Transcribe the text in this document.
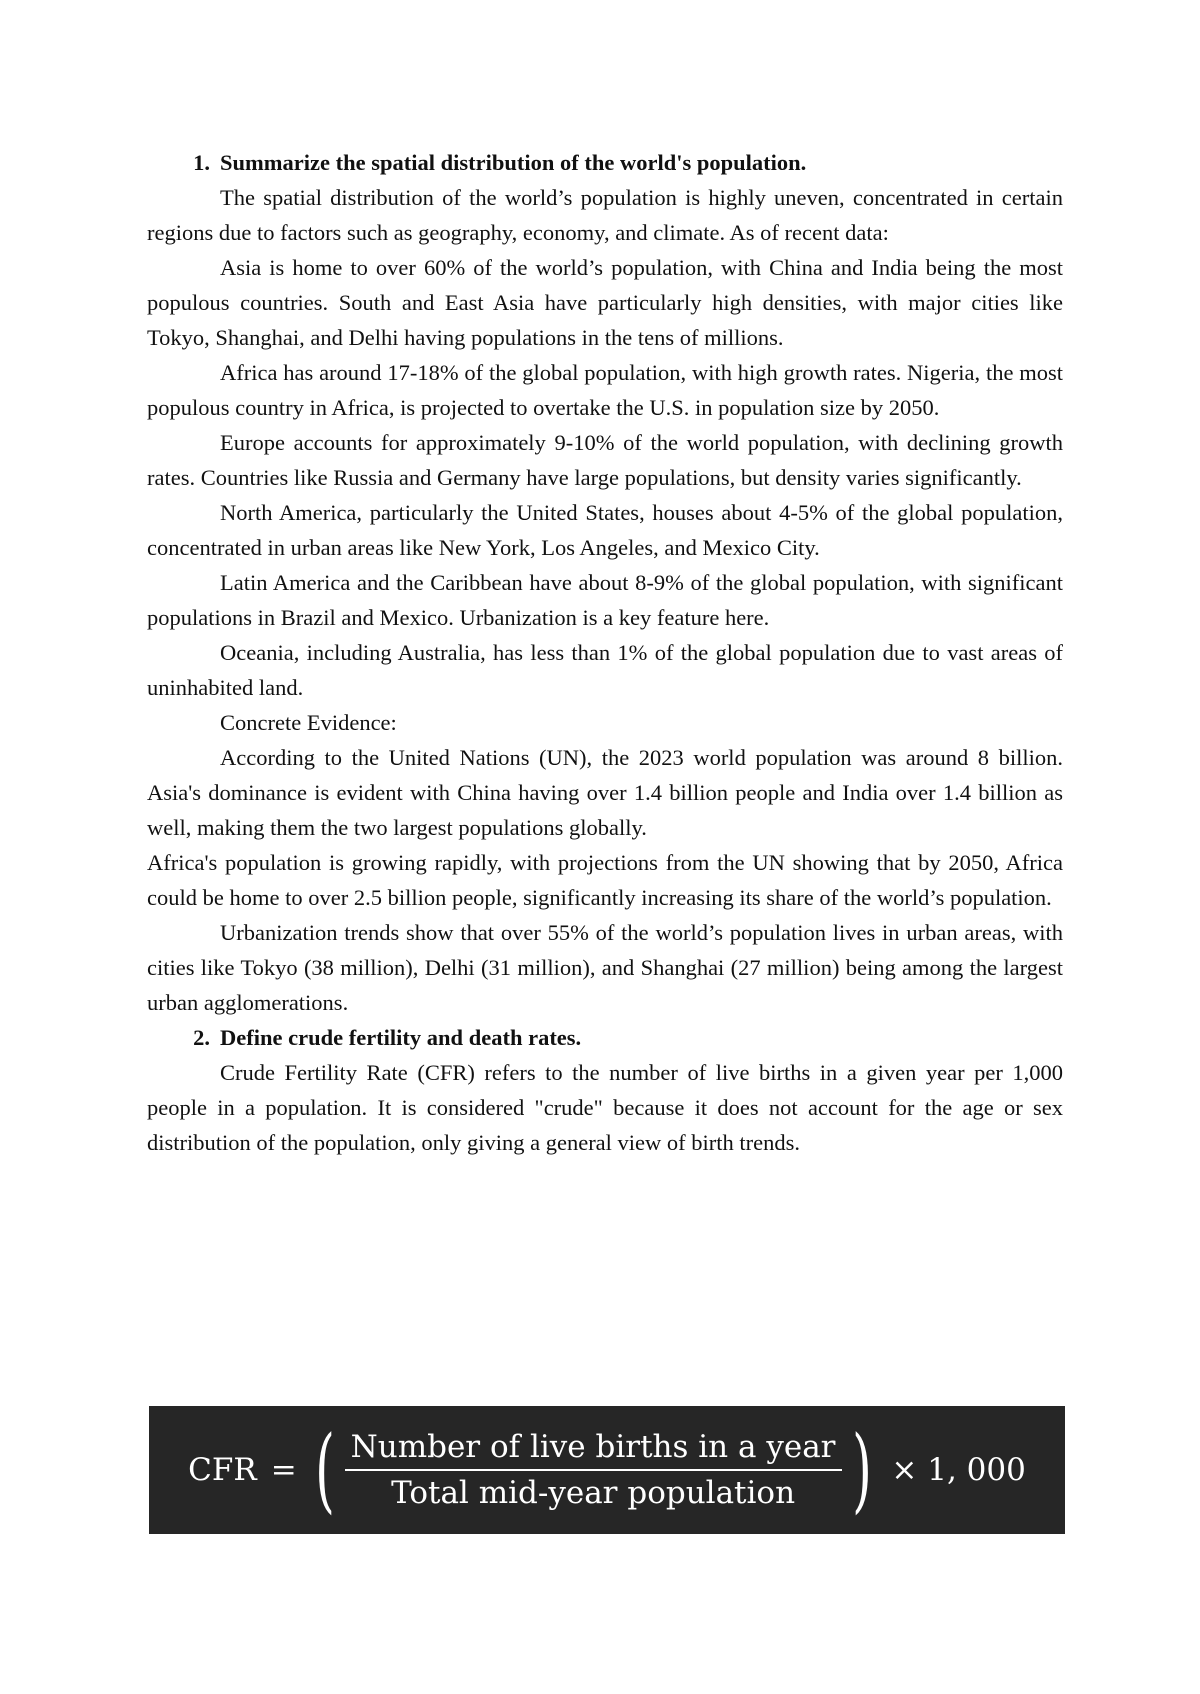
1. Summarize the spatial distribution of the world's population.

The spatial distribution of the world’s population is highly uneven, concentrated in certain regions due to factors such as geography, economy, and climate. As of recent data:

Asia is home to over 60% of the world’s population, with China and India being the most populous countries. South and East Asia have particularly high densities, with major cities like Tokyo, Shanghai, and Delhi having populations in the tens of millions.

Africa has around 17-18% of the global population, with high growth rates. Nigeria, the most populous country in Africa, is projected to overtake the U.S. in population size by 2050.

Europe accounts for approximately 9-10% of the world population, with declining growth rates. Countries like Russia and Germany have large populations, but density varies significantly.

North America, particularly the United States, houses about 4-5% of the global population, concentrated in urban areas like New York, Los Angeles, and Mexico City.

Latin America and the Caribbean have about 8-9% of the global population, with significant populations in Brazil and Mexico. Urbanization is a key feature here.

Oceania, including Australia, has less than 1% of the global population due to vast areas of uninhabited land.

Concrete Evidence:

According to the United Nations (UN), the 2023 world population was around 8 billion. Asia's dominance is evident with China having over 1.4 billion people and India over 1.4 billion as well, making them the two largest populations globally.

Africa's population is growing rapidly, with projections from the UN showing that by 2050, Africa could be home to over 2.5 billion people, significantly increasing its share of the world’s population.

Urbanization trends show that over 55% of the world’s population lives in urban areas, with cities like Tokyo (38 million), Delhi (31 million), and Shanghai (27 million) being among the largest urban agglomerations.

2. Define crude fertility and death rates.

Crude Fertility Rate (CFR) refers to the number of live births in a given year per 1,000 people in a population. It is considered "crude" because it does not account for the age or sex distribution of the population, only giving a general view of birth trends.

CFR = ( $\frac{\text{Number of live births in a year}}{\text{Total mid-year population}}$ ) × 1, 000
